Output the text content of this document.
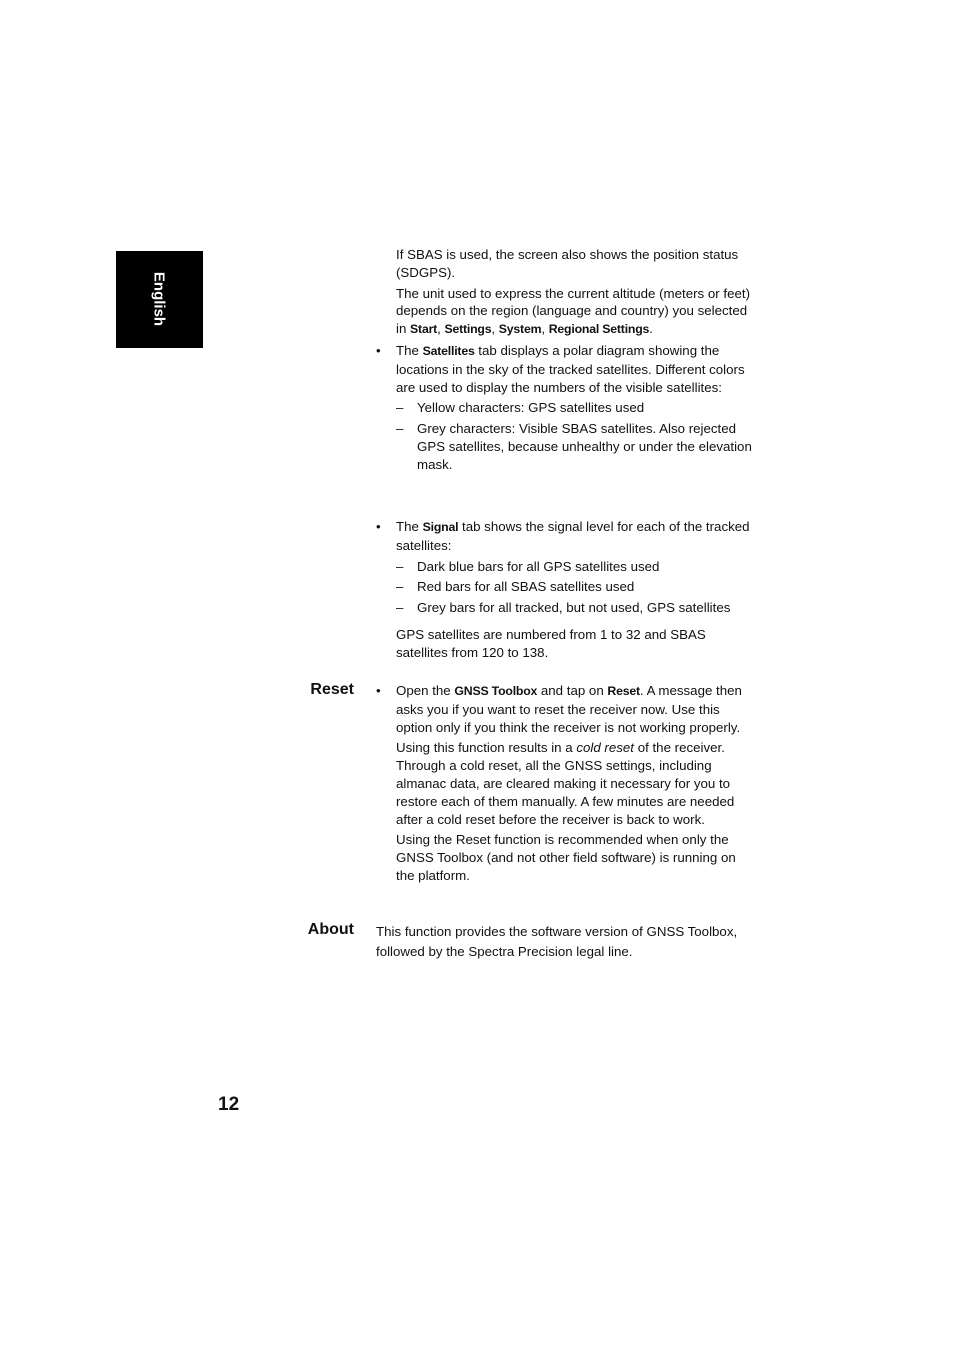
English

If SBAS is used, the screen also shows the position status (SDGPS).

The unit used to express the current altitude (meters or feet) depends on the region (language and country) you selected in Start, Settings, System, Regional Settings.

• The Satellites tab displays a polar diagram showing the locations in the sky of the tracked satellites. Different colors are used to display the numbers of the visible satellites:
– Yellow characters: GPS satellites used
– Grey characters: Visible SBAS satellites. Also rejected GPS satellites, because unhealthy or under the elevation mask.
• The Signal tab shows the signal level for each of the tracked satellites:
– Dark blue bars for all GPS satellites used
– Red bars for all SBAS satellites used
– Grey bars for all tracked, but not used, GPS satellites

GPS satellites are numbered from 1 to 32 and SBAS satellites from 120 to 138.

Reset • Open the GNSS Toolbox and tap on Reset. A message then asks you if you want to reset the receiver now. Use this option only if you think the receiver is not working properly.

Using this function results in a cold reset of the receiver. Through a cold reset, all the GNSS settings, including almanac data, are cleared making it necessary for you to restore each of them manually. A few minutes are needed after a cold reset before the receiver is back to work.

Using the Reset function is recommended when only the GNSS Toolbox (and not other field software) is running on the platform.

About This function provides the software version of GNSS Toolbox, followed by the Spectra Precision legal line.

12
